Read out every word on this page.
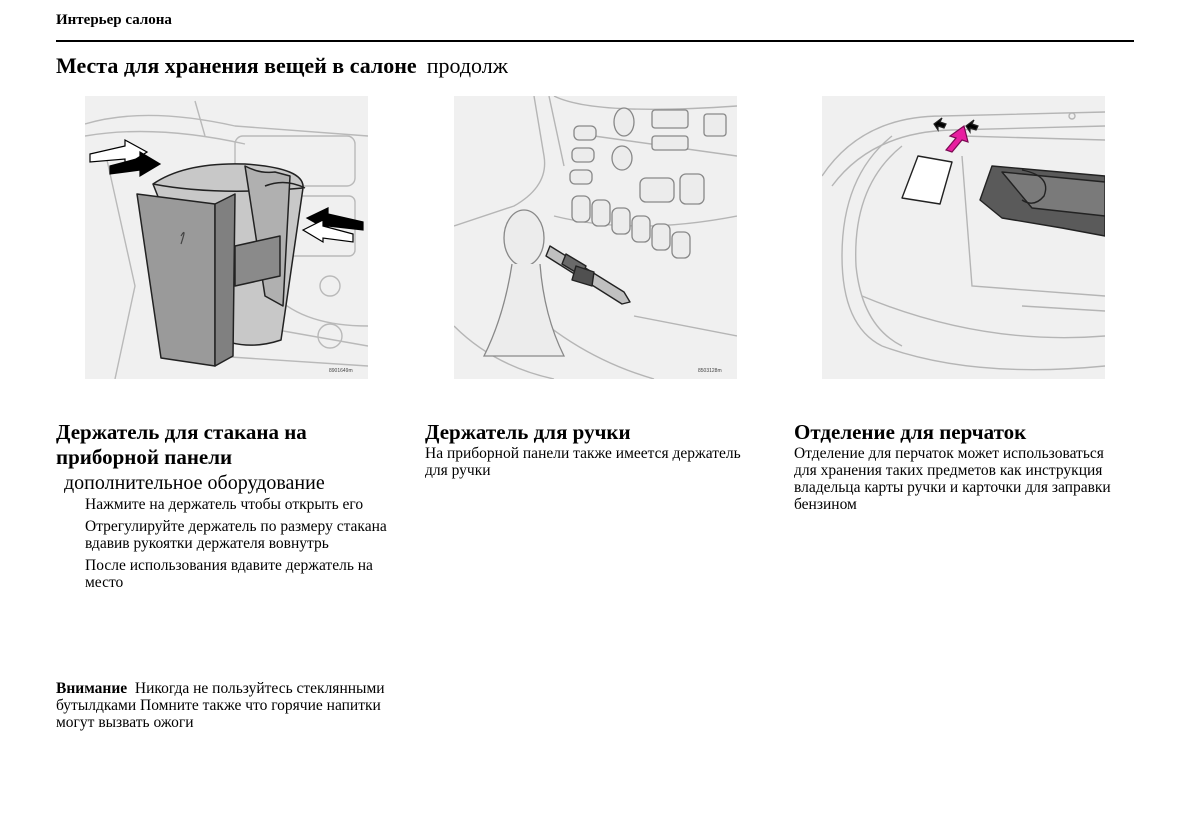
Интерьер салона
Места для хранения вещей в салоне продолж
8901649m	8503128m
Держатель для стакана на приборной панели

дополнительное оборудование

Нажмите на держатель чтобы открыть его

Отрегулируйте держатель по размеру стакана вдавив рукоятки держателя вовнутрь

После использования вдавите держатель на место

Внимание Никогда не пользуйтесь стеклянными бутылдками Помните также что горячие напитки могут вызвать ожоги

Держатель для ручки

На приборной панели также имеется держатель для ручки

Отделение для перчаток

Отделение для перчаток может использоваться для хранения таких предметов как инструкция владельца карты ручки и карточки для заправки бензином
